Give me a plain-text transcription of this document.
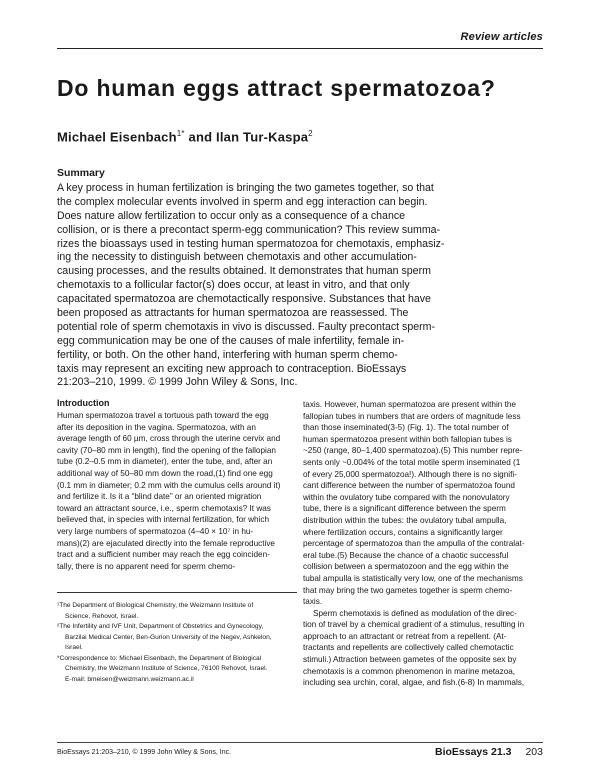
Review articles
Do human eggs attract spermatozoa?
Michael Eisenbach$^{1*}$ and Ilan Tur-Kaspa$^2$
Summary
A key process in human fertilization is bringing the two gametes together, so that
the complex molecular events involved in sperm and egg interaction can begin.
Does nature allow fertilization to occur only as a consequence of a chance
collision, or is there a precontact sperm-egg communication? This review summa-
rizes the bioassays used in testing human spermatozoa for chemotaxis, emphasiz-
ing the necessity to distinguish between chemotaxis and other accumulation-
causing processes, and the results obtained. It demonstrates that human sperm
chemotaxis to a follicular factor(s) does occur, at least in vitro, and that only
capacitated spermatozoa are chemotactically responsive. Substances that have
been proposed as attractants for human spermatozoa are reassessed. The
potential role of sperm chemotaxis in vivo is discussed. Faulty precontact sperm-
egg communication may be one of the causes of male infertility, female in-
fertility, or both. On the other hand, interfering with human sperm chemo-
taxis may represent an exciting new approach to contraception. BioEssays
21:203–210, 1999. © 1999 John Wiley & Sons, Inc.
Introduction
Human spermatozoa travel a tortuous path toward the egg
after its deposition in the vagina. Spermatozoa, with an
average length of 60 µm, cross through the uterine cervix and
cavity (70–80 mm in length), find the opening of the fallopian
tube (0.2–0.5 mm in diameter), enter the tube, and, after an
additional way of 50–80 mm down the road,(1) find one egg
(0.1 mm in diameter; 0.2 mm with the cumulus cells around it)
and fertilize it. Is it a “blind date” or an oriented migration
toward an attractant source, i.e., sperm chemotaxis? It was
believed that, in species with internal fertilization, for which
very large numbers of spermatozoa (4–40 × 10⁷ in hu-
mans)(2) are ejaculated directly into the female reproductive
tract and a sufficient number may reach the egg coinciden-
tally, there is no apparent need for sperm chemo-
taxis. However, human spermatozoa are present within the
fallopian tubes in numbers that are orders of magnitude less
than those inseminated(3-5) (Fig. 1). The total number of
human spermatozoa present within both fallopian tubes is
~250 (range, 80–1,400 spermatozoa).(5) This number repre-
sents only ~0.004% of the total motile sperm inseminated (1
of every 25,000 spermatozoa!). Although there is no signifi-
cant difference between the number of spermatozoa found
within the ovulatory tube compared with the nonovulatory
tube, there is a significant difference between the sperm
distribution within the tubes: the ovulatory tubal ampulla,
where fertilization occurs, contains a significantly larger
percentage of spermatozoa than the ampulla of the contralat-
eral tube.(5) Because the chance of a chaotic successful
collision between a spermatozoon and the egg within the
tubal ampulla is statistically very low, one of the mechanisms
that may bring the two gametes together is sperm chemo-
taxis.
Sperm chemotaxis is defined as modulation of the direc-
tion of travel by a chemical gradient of a stimulus, resulting in
approach to an attractant or retreat from a repellent. (At-
tractants and repellents are collectively called chemotactic
stimuli.) Attraction between gametes of the opposite sex by
chemotaxis is a common phenomenon in marine metazoa,
including sea urchin, coral, algae, and fish.(6-8) In mammals,
¹The Department of Biological Chemistry, the Weizmann Institute of
Science, Rehovot, Israel.
²The Infertility and IVF Unit, Department of Obstetrics and Gynecology,
Barzilai Medical Center, Ben-Gurion University of the Negev, Ashkelon,
Israel.
*Correspondence to: Michael Eisenbach, the Department of Biological
Chemistry, the Weizmann Institute of Science, 76100 Rehovot, Israel.
E-mail: bmeisen@weizmann.weizmann.ac.il
BioEssays 21:203–210, © 1999 John Wiley & Sons, Inc.	BioEssays 21.3 203
